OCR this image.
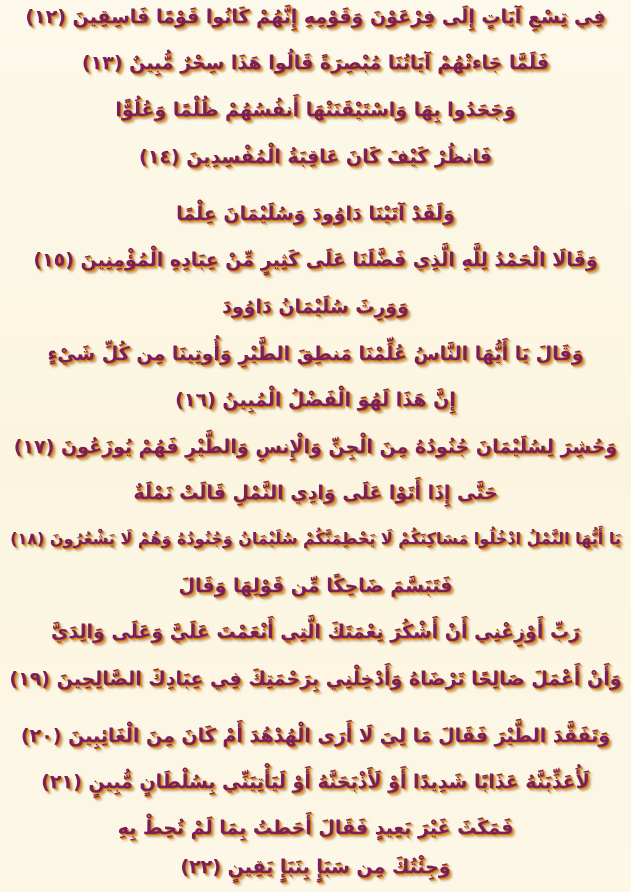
فِي تِسْعِ آيَاتٍ إِلَى فِرْعَوْنَ وَقَوْمِهِ إِنَّهُمْ كَانُوا قَوْمًا فَاسِقِينَ (١٢)
فَلَمَّا جَاءتْهُمْ آيَاتُنَا مُبْصِرَةً قَالُوا هَذَا سِحْرٌ مُّبِينٌ (١٣)
وَجَحَدُوا بِهَا وَاسْتَيْقَنَتْهَا أَنفُسُهُمْ ظُلْمًا وَعُلُوًّا
فَانظُرْ كَيْفَ كَانَ عَاقِبَةُ الْمُفْسِدِينَ (١٤)
وَلَقَدْ آتَيْنَا دَاوُودَ وَسُلَيْمَانَ عِلْمًا
وَقَالَا الْحَمْدُ لِلَّهِ الَّذِي فَضَّلَنَا عَلَى كَثِيرٍ مِّنْ عِبَادِهِ الْمُؤْمِنِينَ (١٥)
وَوَرِثَ سُلَيْمَانُ دَاوُودَ
وَقَالَ يَا أَيُّهَا النَّاسُ عُلِّمْنَا مَنطِقَ الطَّيْرِ وَأُوتِينَا مِن كُلِّ شَيْءٍ
إِنَّ هَذَا لَهُوَ الْفَضْلُ الْمُبِينُ (١٦)
وَحُشِرَ لِسُلَيْمَانَ جُنُودُهُ مِنَ الْجِنِّ وَالْإِنسِ وَالطَّيْرِ فَهُمْ يُوزَعُونَ (١٧)
حَتَّى إِذَا أَتَوْا عَلَى وَادِي النَّمْلِ قَالَتْ نَمْلَةٌ
يَا أَيُّهَا النَّمْلُ ادْخُلُوا مَسَاكِنَكُمْ لَا يَحْطِمَنَّكُمْ سُلَيْمَانُ وَجُنُودُهُ وَهُمْ لَا يَشْعُرُونَ (١٨)
فَتَبَسَّمَ ضَاحِكًا مِّن قَوْلِهَا وَقَالَ
رَبِّ أَوْزِعْنِي أَنْ أَشْكُرَ نِعْمَتَكَ الَّتِي أَنْعَمْتَ عَلَيَّ وَعَلَى وَالِدَيَّ
وَأَنْ أَعْمَلَ صَالِحًا تَرْضَاهُ وَأَدْخِلْنِي بِرَحْمَتِكَ فِي عِبَادِكَ الصَّالِحِينَ (١٩)
وَتَفَقَّدَ الطَّيْرَ فَقَالَ مَا لِيَ لَا أَرَى الْهُدْهُدَ أَمْ كَانَ مِنَ الْغَائِبِينَ (٢٠)
لَأُعَذِّبَنَّهُ عَذَابًا شَدِيدًا أَوْ لَأَذْبَحَنَّهُ أَوْ لَيَأْتِيَنِّي بِسُلْطَانٍ مُّبِينٍ (٢١)
فَمَكَثَ غَيْرَ بَعِيدٍ فَقَالَ أَحَطتُ بِمَا لَمْ تُحِطْ بِهِ
وَجِئْتُكَ مِن سَبَإٍ بِنَبَإٍ يَقِينٍ (٢٢)
